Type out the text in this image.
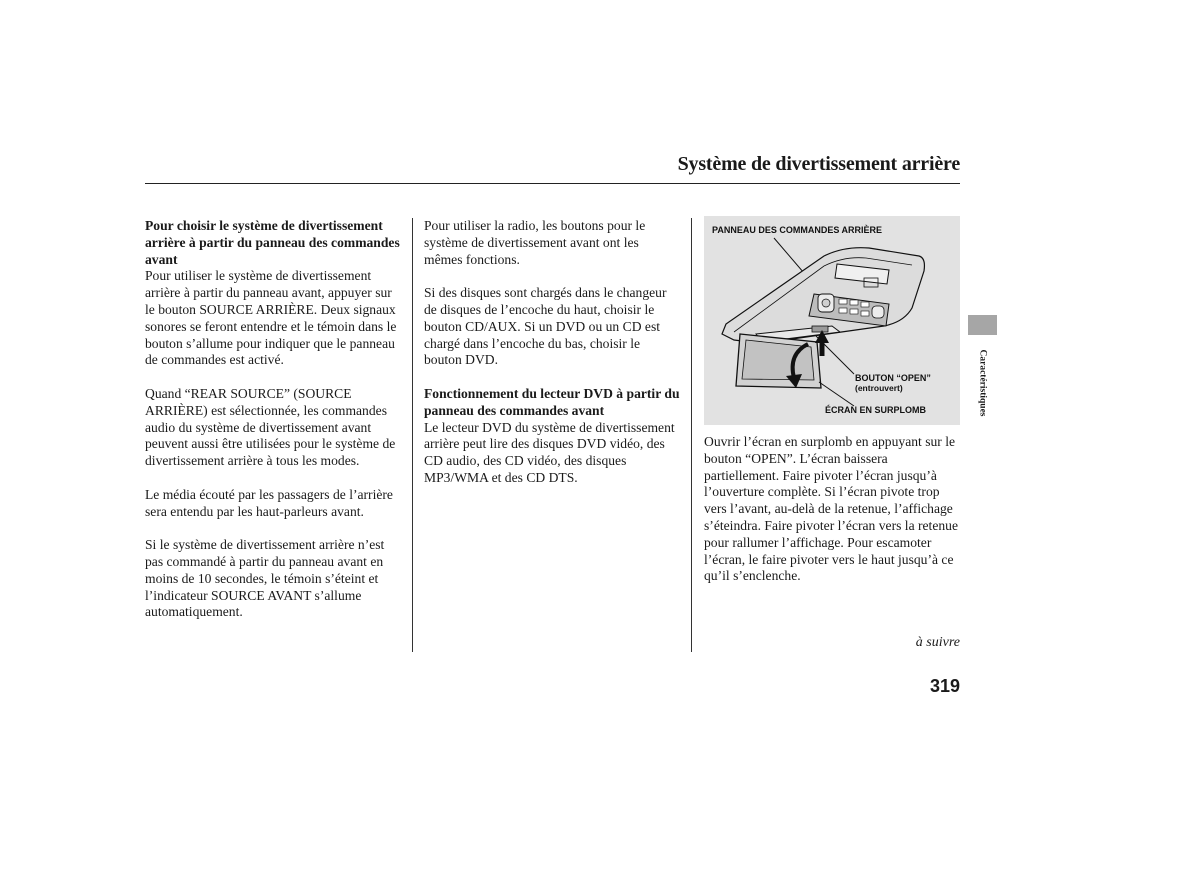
Système de divertissement arrière
Pour choisir le système de divertissement arrière à partir du panneau des commandes avant

Pour utiliser le système de divertissement arrière à partir du panneau avant, appuyer sur le bouton SOURCE ARRIÈRE. Deux signaux sonores se feront entendre et le témoin dans le bouton s’allume pour indiquer que le panneau de commandes est activé.

Quand “REAR SOURCE” (SOURCE ARRIÈRE) est sélectionnée, les commandes audio du système de divertissement avant peuvent aussi être utilisées pour le système de divertissement arrière à tous les modes.

Le média écouté par les passagers de l’arrière sera entendu par les haut-parleurs avant.

Si le système de divertissement arrière n’est pas commandé à partir du panneau avant en moins de 10 secondes, le témoin s’éteint et l’indicateur SOURCE AVANT s’allume automatiquement.

Pour utiliser la radio, les boutons pour le système de divertissement avant ont les mêmes fonctions.

Si des disques sont chargés dans le changeur de disques de l’encoche du haut, choisir le bouton CD/AUX. Si un DVD ou un CD est chargé dans l’encoche du bas, choisir le bouton DVD.

Fonctionnement du lecteur DVD à partir du panneau des commandes avant

Le lecteur DVD du système de divertissement arrière peut lire des disques DVD vidéo, des CD audio, des CD vidéo, des disques MP3/WMA et des CD DTS.

PANNEAU DES COMMANDES ARRIÈRE
BOUTON “OPEN”
(entrouvert)
ÉCRAN EN SURPLOMB

Ouvrir l’écran en surplomb en appuyant sur le bouton “OPEN”. L’écran baissera partiellement. Faire pivoter l’écran jusqu’à l’ouverture complète. Si l’écran pivote trop vers l’avant, au-delà de la retenue, l’affichage s’éteindra. Faire pivoter l’écran vers la retenue pour rallumer l’affichage. Pour escamoter l’écran, le faire pivoter vers le haut jusqu’à ce qu’il s’enclenche.

à suivre
319
Caractéristiques
